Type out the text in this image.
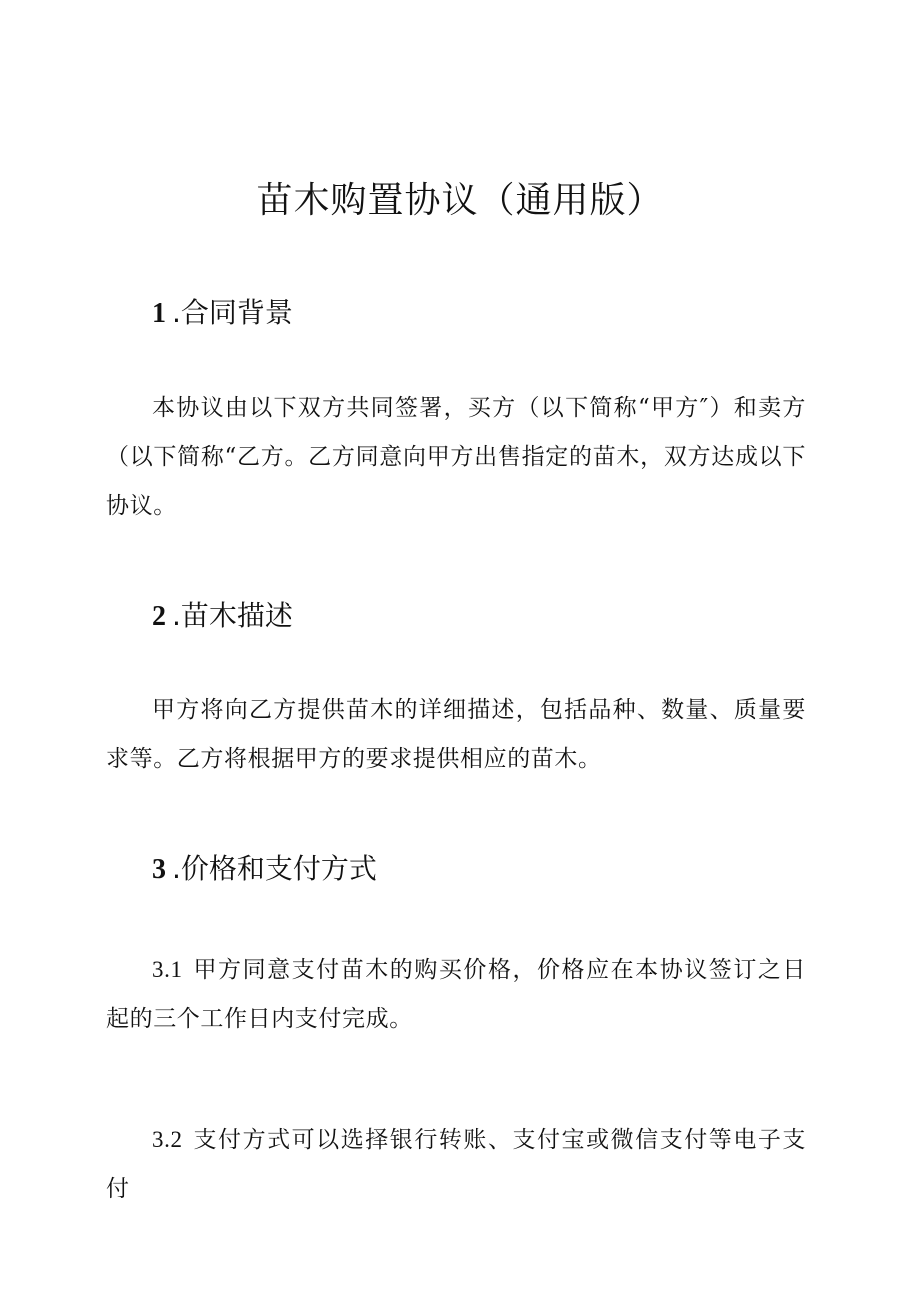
苗木购置协议（通用版）
1 .合同背景

本协议由以下双方共同签署，买方（以下简称“甲方″）和卖方（以下简称“乙方。乙方同意向甲方出售指定的苗木，双方达成以下协议。

2 .苗木描述

甲方将向乙方提供苗木的详细描述，包括品种、数量、质量要求等。乙方将根据甲方的要求提供相应的苗木。

3 .价格和支付方式

3.1 甲方同意支付苗木的购买价格，价格应在本协议签订之日起的三个工作日内支付完成。

3.2 支付方式可以选择银行转账、支付宝或微信支付等电子支付
